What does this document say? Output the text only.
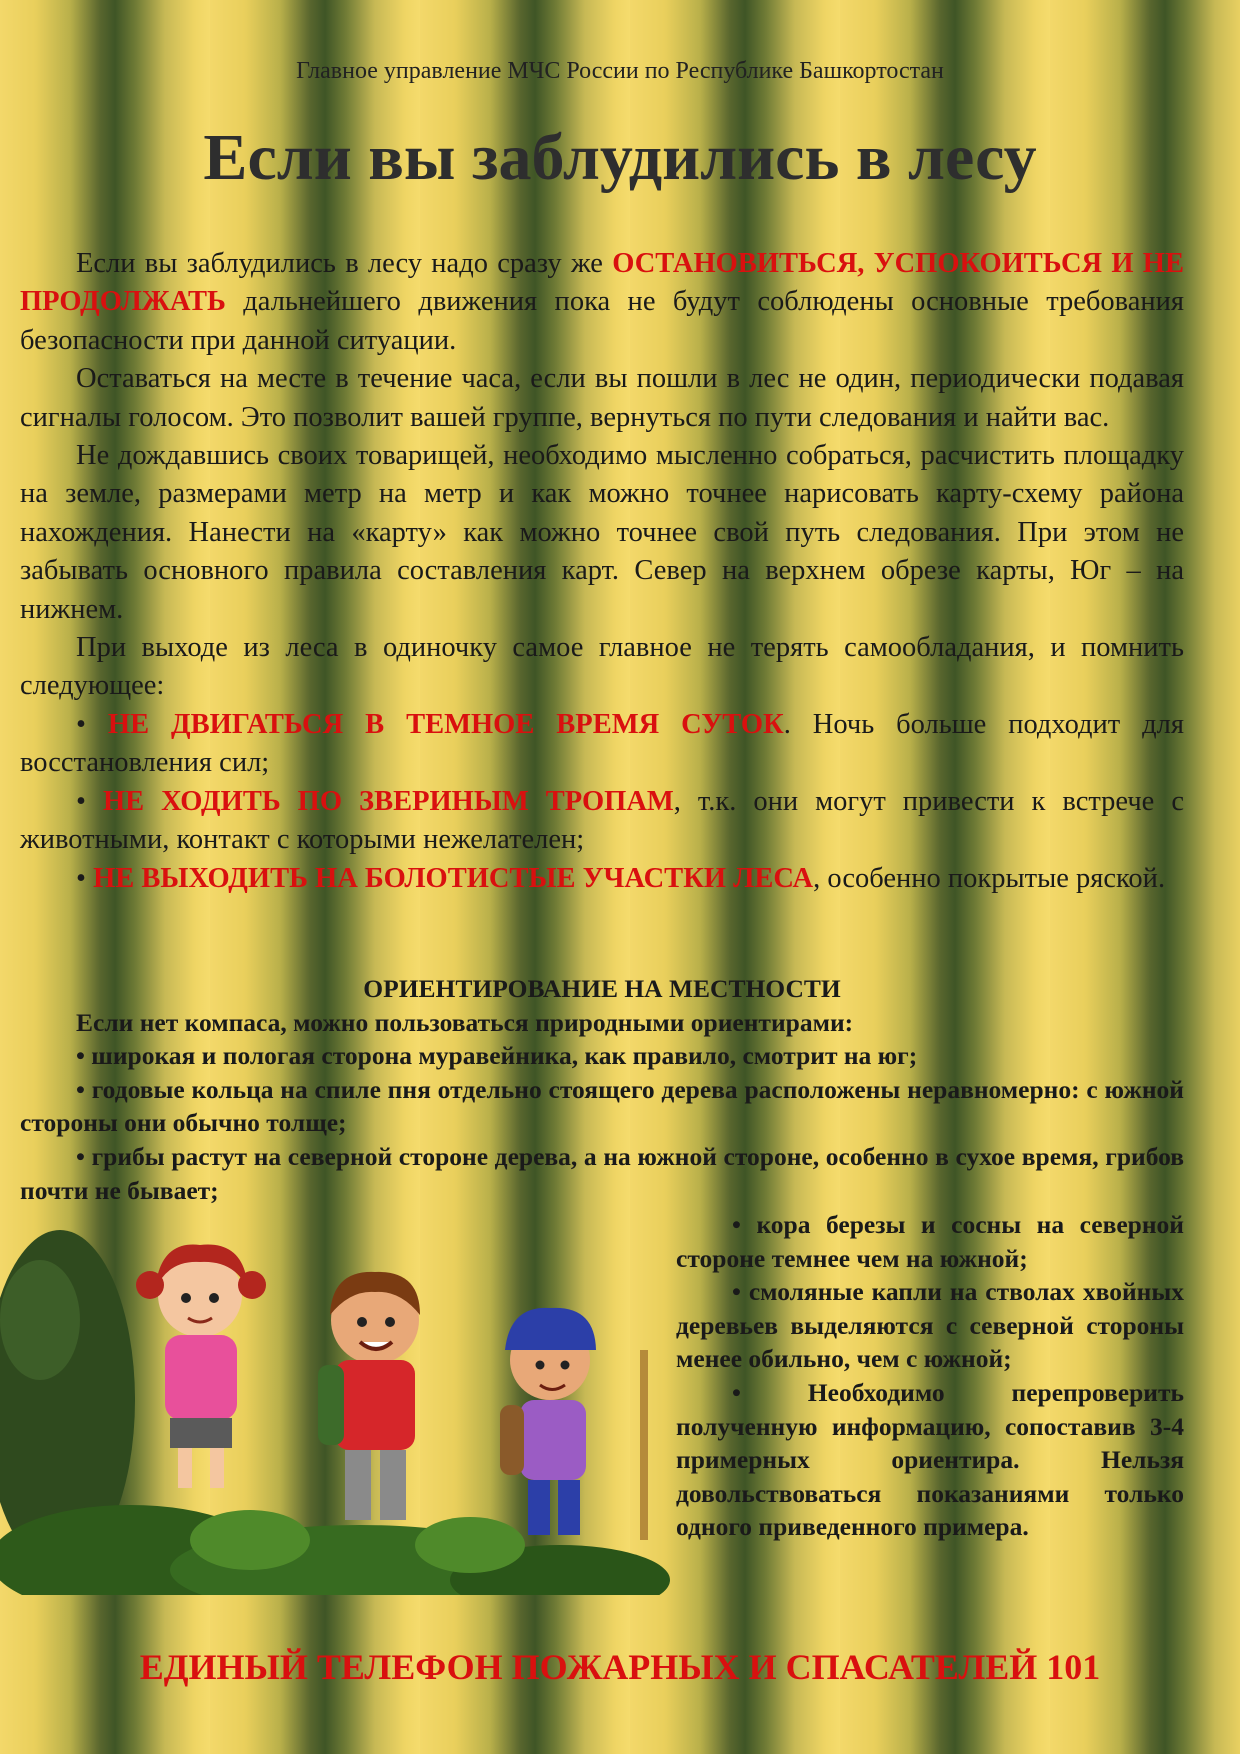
Главное управление МЧС России по Республике Башкортостан
Если вы заблудились в лесу

Если вы заблудились в лесу надо сразу же ОСТАНОВИТЬСЯ, УСПОКОИТЬСЯ И НЕ ПРОДОЛЖАТЬ дальнейшего движения пока не будут соблюдены основные требования безопасности при данной ситуации.

Оставаться на месте в течение часа, если вы пошли в лес не один, периодически подавая сигналы голосом. Это позволит вашей группе, вернуться по пути следования и найти вас.

Не дождавшись своих товарищей, необходимо мысленно собраться, расчистить площадку на земле, размерами метр на метр и как можно точнее нарисовать карту-схему района нахождения. Нанести на «карту» как можно точнее свой путь следования. При этом не забывать основного правила составления карт. Север на верхнем обрезе карты, Юг – на нижнем.

При выходе из леса в одиночку самое главное не терять самообладания, и помнить следующее:

• НЕ ДВИГАТЬСЯ В ТЕМНОЕ ВРЕМЯ СУТОК. Ночь больше подходит для восстановления сил;

• НЕ ХОДИТЬ ПО ЗВЕРИНЫМ ТРОПАМ, т.к. они могут привести к встрече с животными, контакт с которыми нежелателен;

• НЕ ВЫХОДИТЬ НА БОЛОТИСТЫЕ УЧАСТКИ ЛЕСА, особенно покрытые ряской.

ОРИЕНТИРОВАНИЕ НА МЕСТНОСТИ

Если нет компаса, можно пользоваться природными ориентирами:

• широкая и пологая сторона муравейника, как правило, смотрит на юг;

• годовые кольца на спиле пня отдельно стоящего дерева расположены неравномерно: с южной стороны они обычно толще;

• грибы растут на северной стороне дерева, а на южной стороне, особенно в сухое время, грибов почти не бывает;

• кора березы и сосны на северной стороне темнее чем на южной;

• смоляные капли на стволах хвойных деревьев выделяются с северной стороны менее обильно, чем с южной;

• Необходимо перепроверить полученную информацию, сопоставив 3-4 примерных ориентира. Нельзя довольствоваться показаниями только одного приведенного примера.

ЕДИНЫЙ ТЕЛЕФОН ПОЖАРНЫХ И СПАСАТЕЛЕЙ 101
